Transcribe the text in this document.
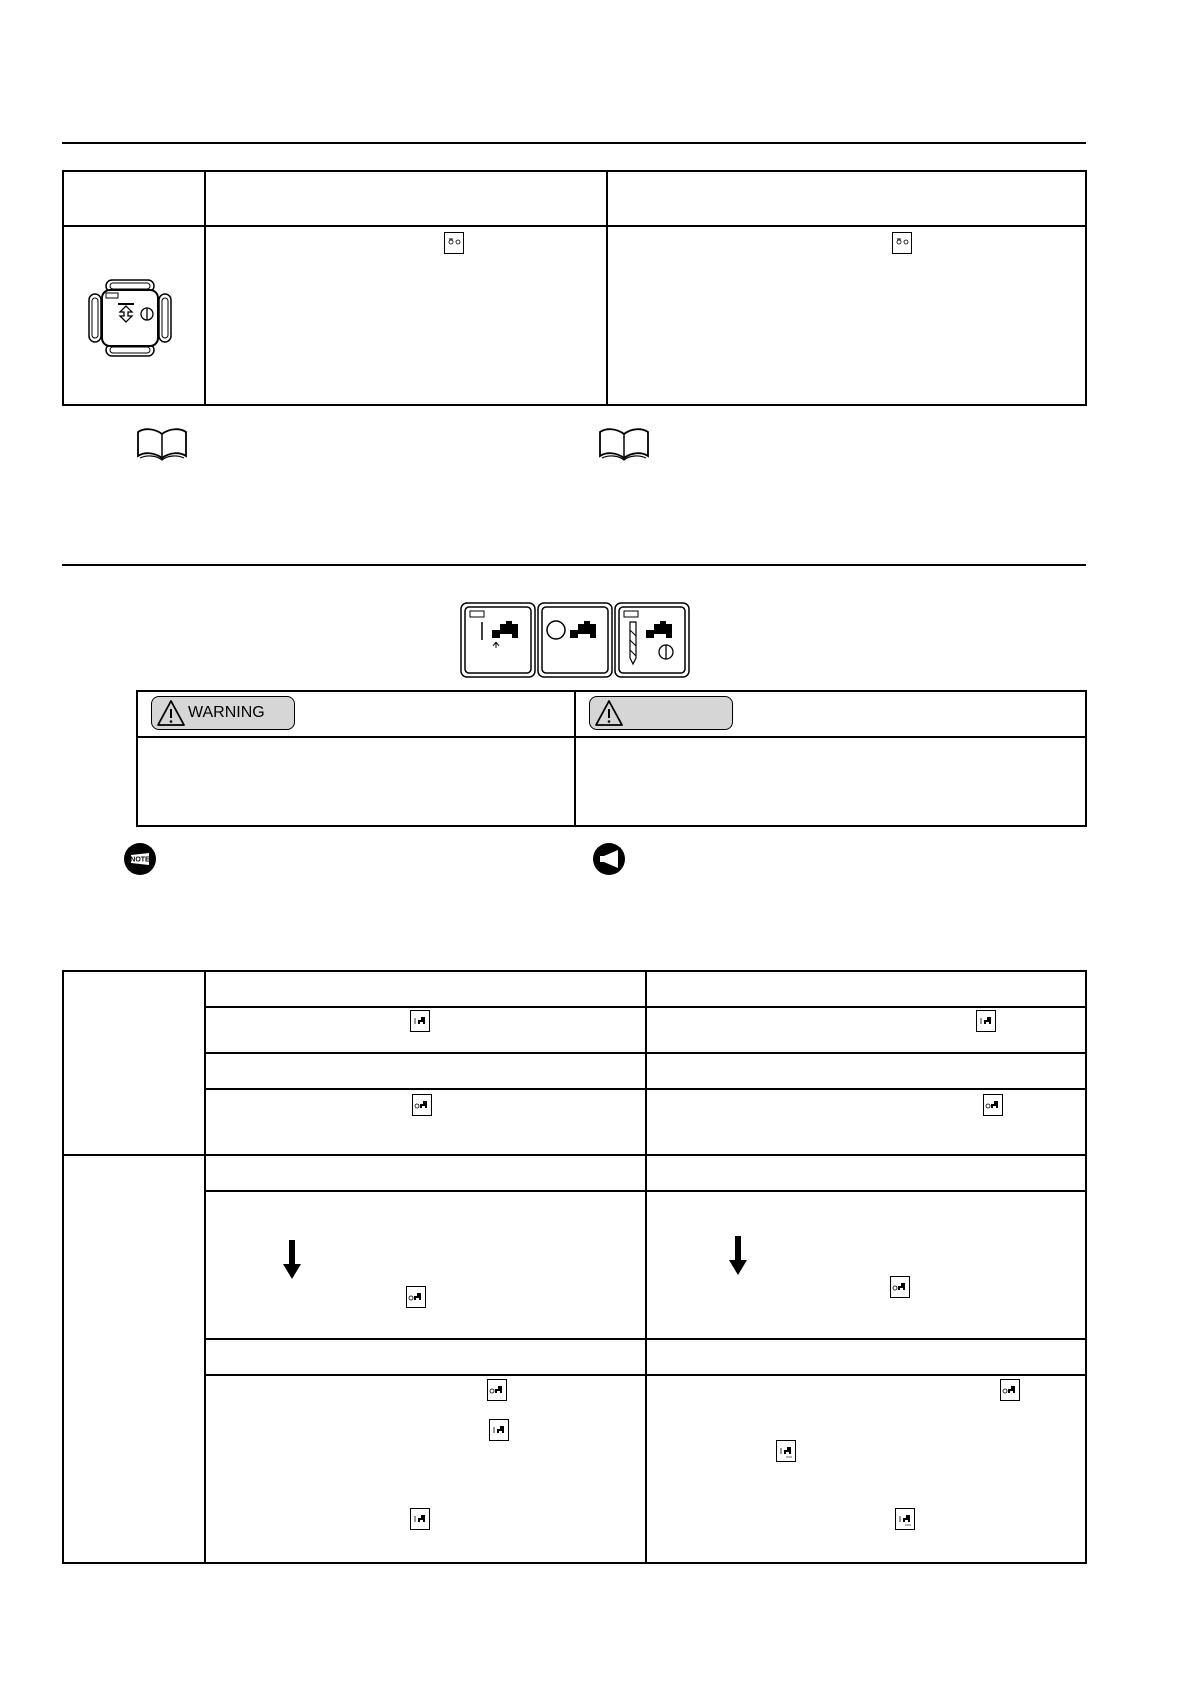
WARNING
NOTE
